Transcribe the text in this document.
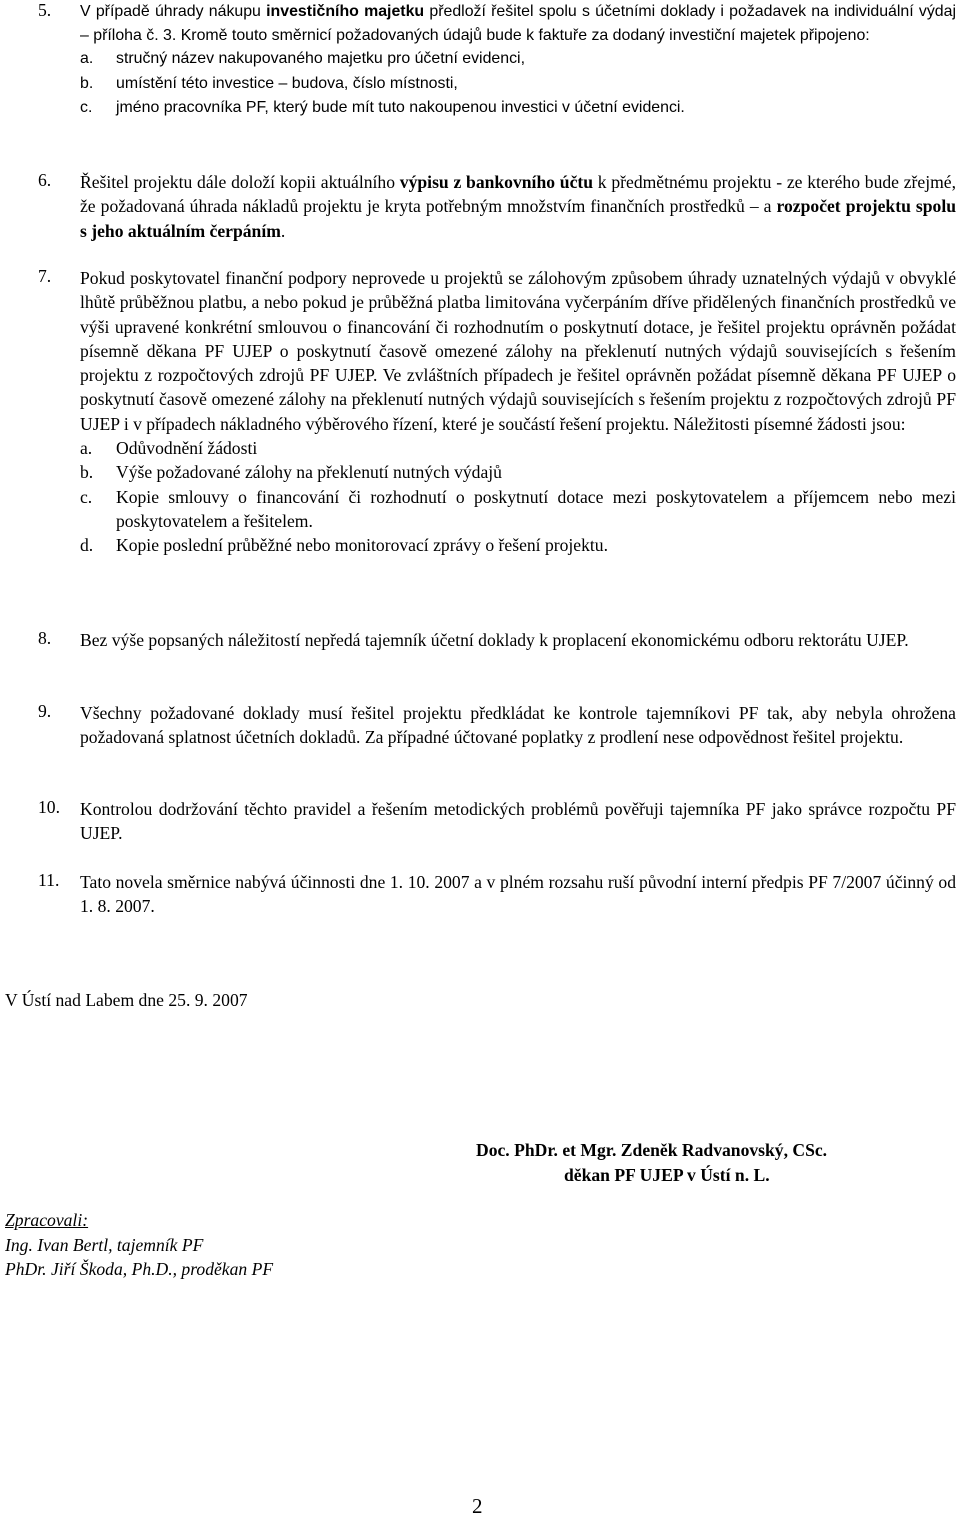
5. V případě úhrady nákupu investičního majetku předloží řešitel spolu s účetními doklady i požadavek na individuální výdaj – příloha č. 3. Kromě touto směrnicí požadovaných údajů bude k faktuře za dodaný investiční majetek připojeno:
a. stručný název nakupovaného majetku pro účetní evidenci,
b. umístění této investice – budova, číslo místnosti,
c. jméno pracovníka PF, který bude mít tuto nakoupenou investici v účetní evidenci.
6. Řešitel projektu dále doloží kopii aktuálního výpisu z bankovního účtu k předmětnému projektu - ze kterého bude zřejmé, že požadovaná úhrada nákladů projektu je kryta potřebným množstvím finančních prostředků – a rozpočet projektu spolu s jeho aktuálním čerpáním.
7. Pokud poskytovatel finanční podpory neprovede u projektů se zálohovým způsobem úhrady uznatelných výdajů v obvyklé lhůtě průběžnou platbu, a nebo pokud je průběžná platba limitována vyčerpáním dříve přidělených finančních prostředků ve výši upravené konkrétní smlouvou o financování či rozhodnutím o poskytnutí dotace, je řešitel projektu oprávněn požádat písemně děkana PF UJEP o poskytnutí časově omezené zálohy na překlenutí nutných výdajů souvisejících s řešením projektu z rozpočtových zdrojů PF UJEP. Ve zvláštních případech je řešitel oprávněn požádat písemně děkana PF UJEP o poskytnutí časově omezené zálohy na překlenutí nutných výdajů souvisejících s řešením projektu z rozpočtových zdrojů PF UJEP i v případech nákladného výběrového řízení, které je součástí řešení projektu. Náležitosti písemné žádosti jsou:
a. Odůvodnění žádosti
b. Výše požadované zálohy na překlenutí nutných výdajů
c. Kopie smlouvy o financování či rozhodnutí o poskytnutí dotace mezi poskytovatelem a příjemcem nebo mezi poskytovatelem a řešitelem.
d. Kopie poslední průběžné nebo monitorovací zprávy o řešení projektu.
8. Bez výše popsaných náležitostí nepředá tajemník účetní doklady k proplacení ekonomickému odboru rektorátu UJEP.
9. Všechny požadované doklady musí řešitel projektu předkládat ke kontrole tajemníkovi PF tak, aby nebyla ohrožena požadovaná splatnost účetních dokladů. Za případné účtované poplatky z prodlení nese odpovědnost řešitel projektu.
10. Kontrolou dodržování těchto pravidel a řešením metodických problémů pověřuji tajemníka PF jako správce rozpočtu PF UJEP.
11. Tato novela směrnice nabývá účinnosti dne 1. 10. 2007 a v plném rozsahu ruší původní interní předpis PF 7/2007 účinný od 1. 8. 2007.
V Ústí nad Labem dne 25. 9. 2007
Doc. PhDr. et Mgr. Zdeněk Radvanovský, CSc.
děkan PF UJEP v Ústí n. L.
Zpracovali:
Ing. Ivan Bertl, tajemník PF
PhDr. Jiří Škoda, Ph.D., proděkan PF
2
